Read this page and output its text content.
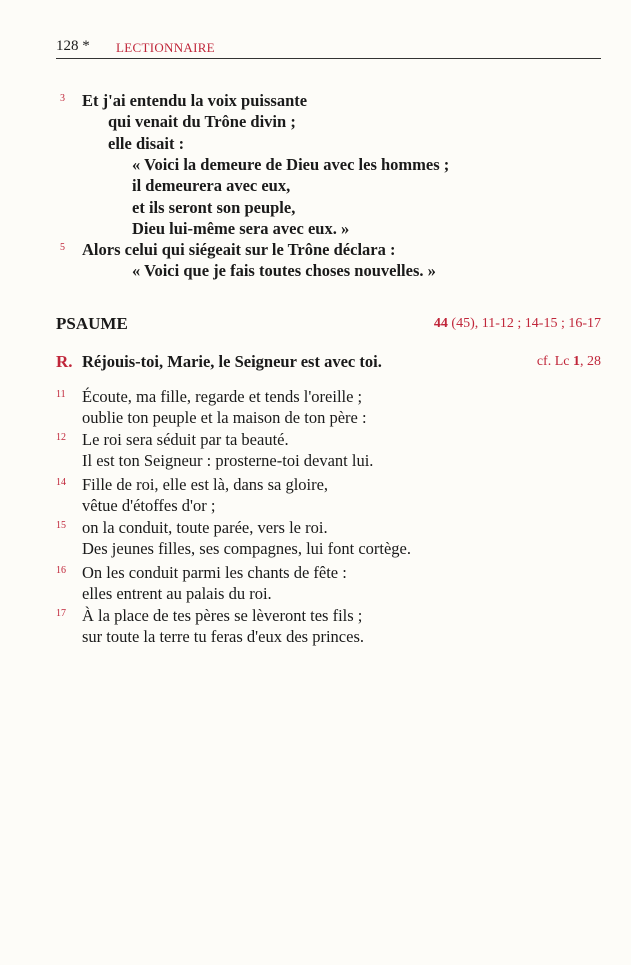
128 * LECTIONNAIRE
PSAUME	44 (45), 11-12 ; 14-15 ; 16-17
R. Réjouis-toi, Marie, le Seigneur est avec toi.	cf. Lc 1, 28
3 Et j'ai entendu la voix puissante
qui venait du Trône divin ;
elle disait :
« Voici la demeure de Dieu avec les hommes ;
il demeurera avec eux,
et ils seront son peuple,
Dieu lui-même sera avec eux. »
5 Alors celui qui siégeait sur le Trône déclara :
« Voici que je fais toutes choses nouvelles. »
11 Écoute, ma fille, regarde et tends l'oreille ;
oublie ton peuple et la maison de ton père :
12 Le roi sera séduit par ta beauté.
Il est ton Seigneur : prosterne-toi devant lui.
14 Fille de roi, elle est là, dans sa gloire,
vêtue d'étoffes d'or ;
15 on la conduit, toute parée, vers le roi.
Des jeunes filles, ses compagnes, lui font cortège.
16 On les conduit parmi les chants de fête :
elles entrent au palais du roi.
17 À la place de tes pères se lèveront tes fils ;
sur toute la terre tu feras d'eux des princes.
